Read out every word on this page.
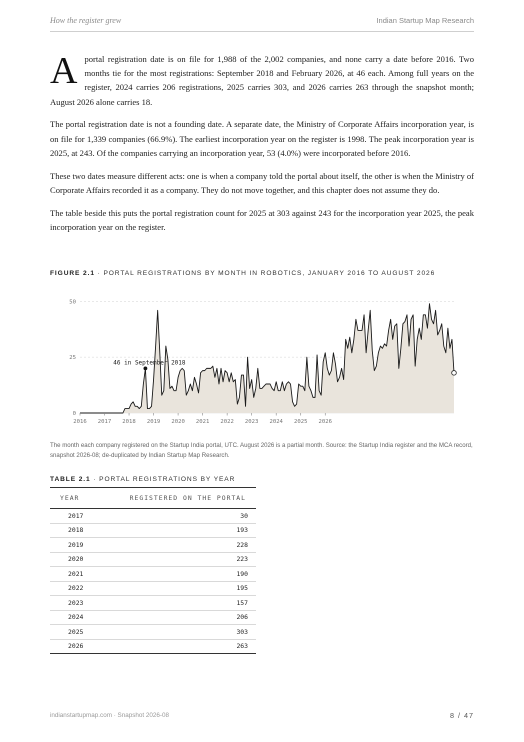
How the register grew	Indian Startup Map Research

Aportal registration date is on file for 1,988 of the 2,002 companies, and none carry a date before 2016. Two months tie for the most registrations: September 2018 and February 2026, at 46 each. Among full years on the register, 2024 carries 206 registrations, 2025 carries 303, and 2026 carries 263 through the snapshot month; August 2026 alone carries 18.

The portal registration date is not a founding date. A separate date, the Ministry of Corporate Affairs incorporation year, is on file for 1,339 companies (66.9%). The earliest incorporation year on the register is 1998. The peak incorporation year is 2025, at 243. Of the companies carrying an incorporation year, 53 (4.0%) were incorporated before 2016.

These two dates measure different acts: one is when a company told the portal about itself, the other is when the Ministry of Corporate Affairs recorded it as a company. They do not move together, and this chapter does not assume they do.

The table beside this puts the portal registration count for 2025 at 303 against 243 for the incorporation year 2025, the peak incorporation year on the register.

FIGURE 2.1 · PORTAL REGISTRATIONS BY MONTH IN ROBOTICS, JANUARY 2016 TO AUGUST 2026
0
25
50
2016 2017 2018 2019 2020 2021 2022 2023 2024 2025 2026
46 in September 2018
The month each company registered on the Startup India portal, UTC. August 2026 is a partial month. Source: the Startup India register and the MCA record, snapshot 2026-08; de-duplicated by Indian Startup Map Research.
TABLE 2.1 · PORTAL REGISTRATIONS BY YEAR
YEAR	REGISTERED ON THE PORTAL
2017	30
2018	193
2019	228
2020	223
2021	190
2022	195
2023	157
2024	206
2025	303
2026	263
indianstartupmap.com · Snapshot 2026-08	8 / 47
